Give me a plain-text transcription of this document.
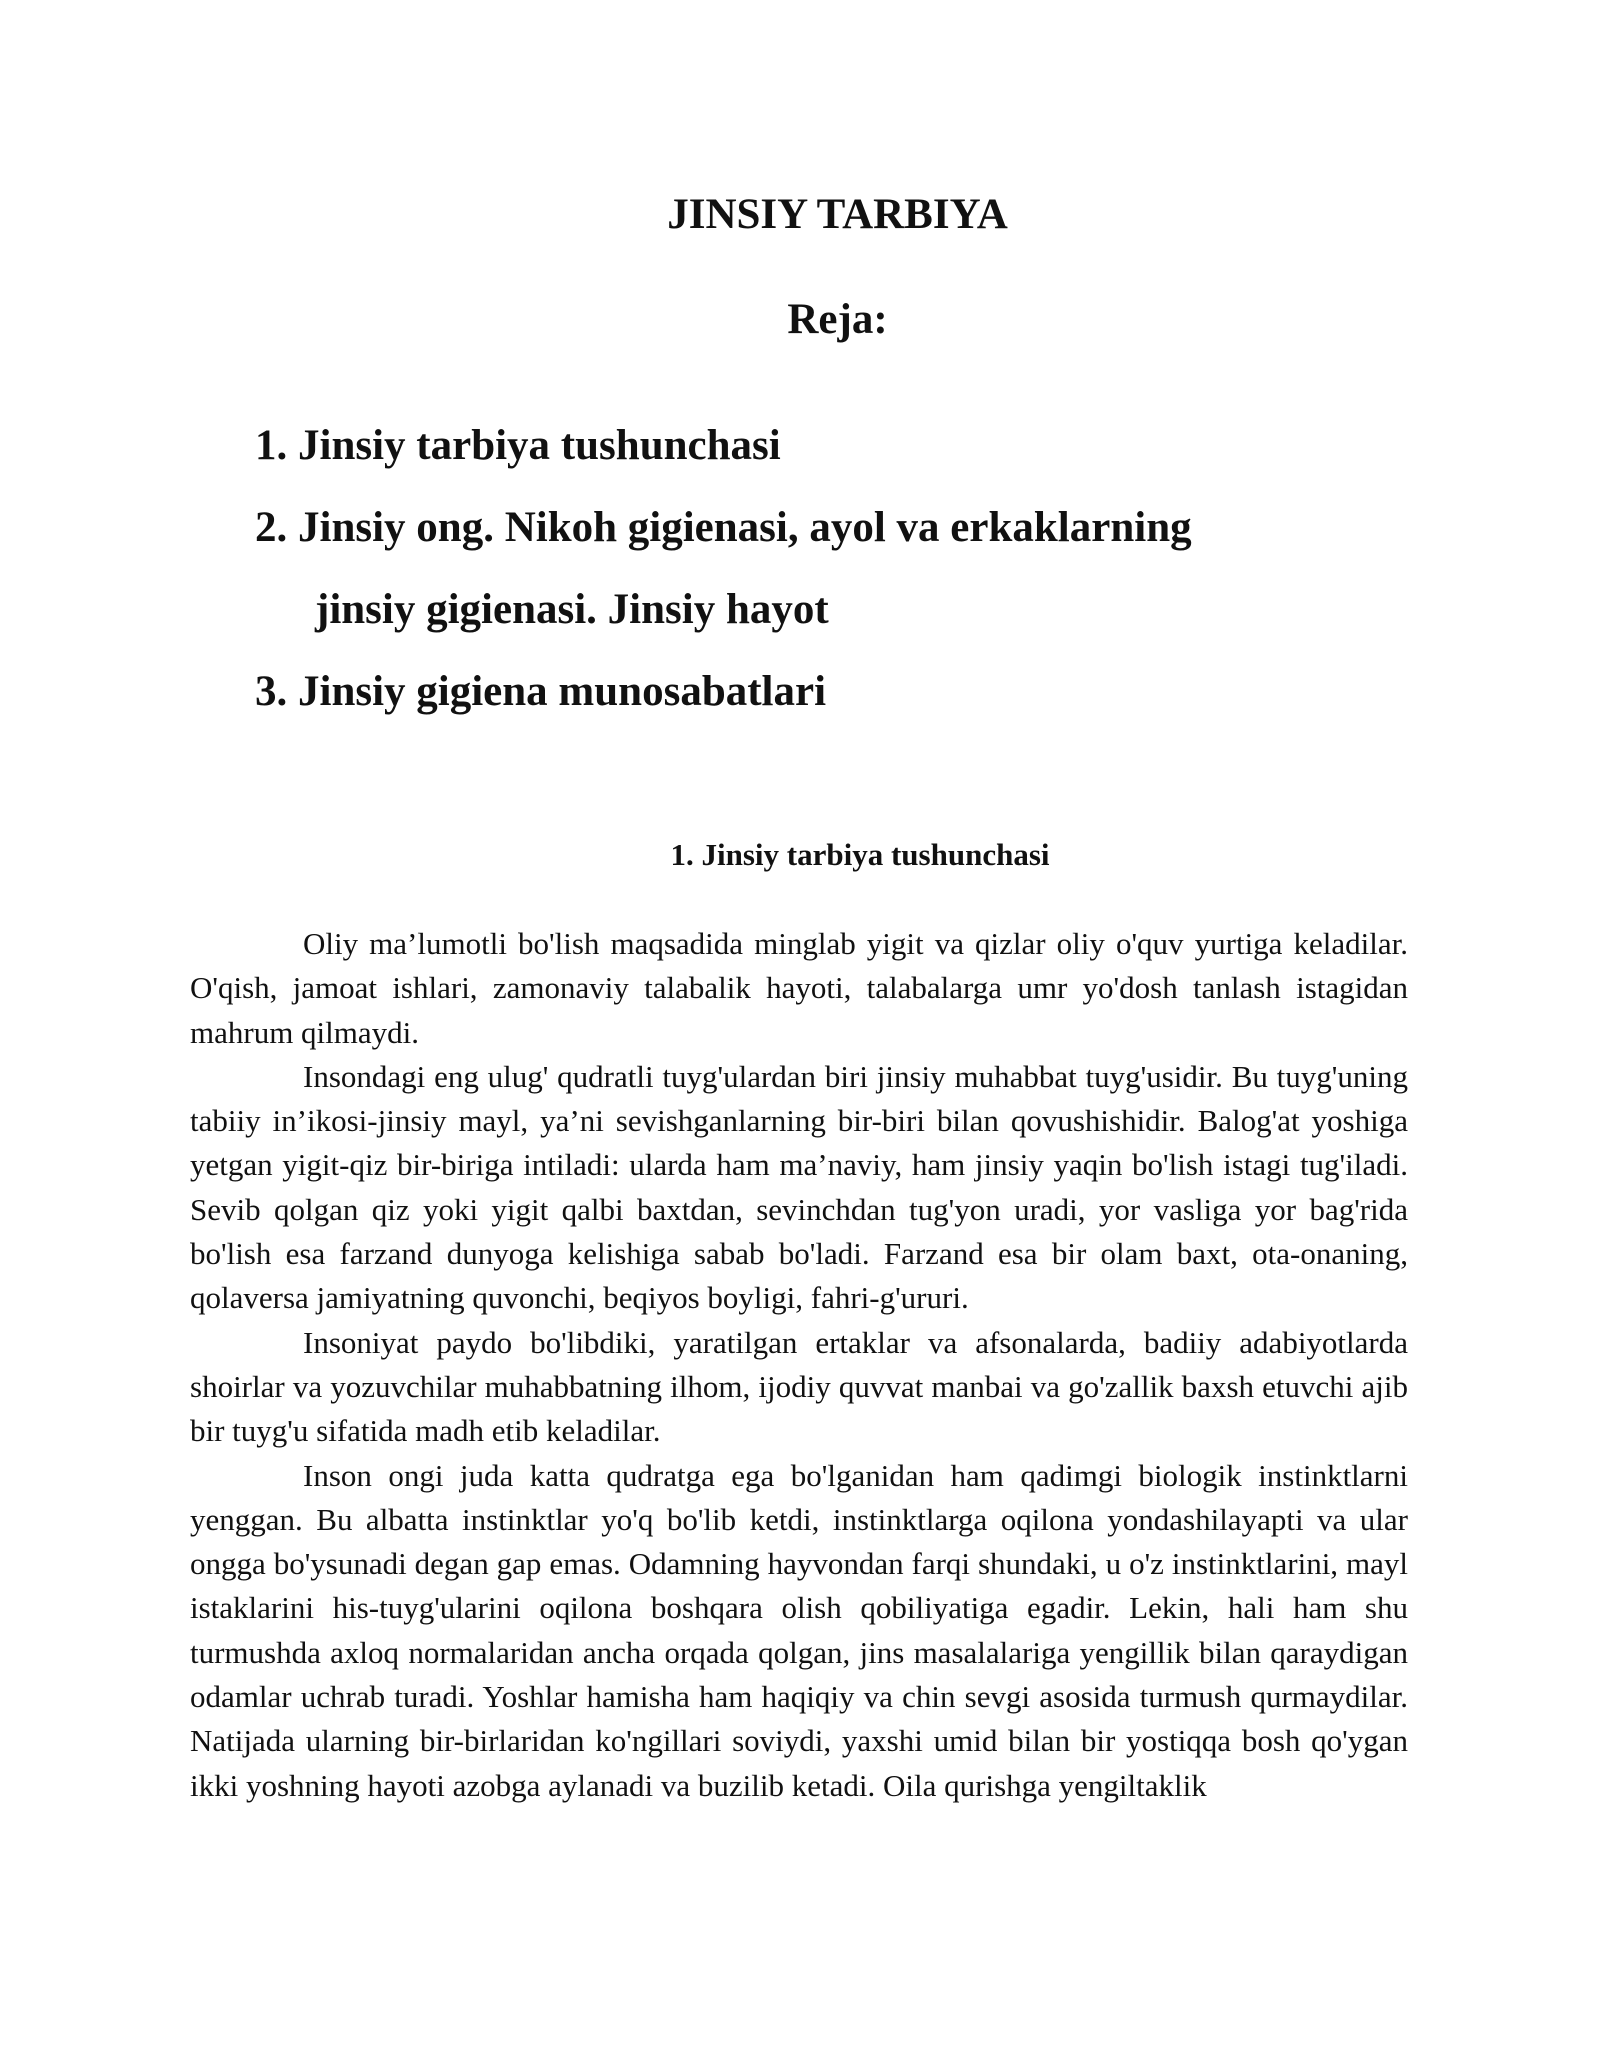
JINSIY TARBIYA
Reja:
1. Jinsiy tarbiya tushunchasi
2. Jinsiy ong. Nikoh gigienasi, ayol va erkaklarning
jinsiy gigienasi. Jinsiy hayot
3. Jinsiy gigiena munosabatlari
1. Jinsiy tarbiya tushunchasi

Oliy ma’lumotli bo'lish maqsadida minglab yigit va qizlar oliy o'quv yurtiga keladilar. O'qish, jamoat ishlari, zamonaviy talabalik hayoti, talabalarga umr yo'dosh tanlash istagidan mahrum qilmaydi.

Insondagi eng ulug' qudratli tuyg'ulardan biri jinsiy muhabbat tuyg'usidir. Bu tuyg'uning tabiiy in’ikosi-jinsiy mayl, ya’ni sevishganlarning bir-biri bilan qovushishidir. Balog'at yoshiga yetgan yigit-qiz bir-biriga intiladi: ularda ham ma’naviy, ham jinsiy yaqin bo'lish istagi tug'iladi. Sevib qolgan qiz yoki yigit qalbi baxtdan, sevinchdan tug'yon uradi, yor vasliga yor bag'rida bo'lish esa farzand dunyoga kelishiga sabab bo'ladi. Farzand esa bir olam baxt, ota-onaning, qolaversa jamiyatning quvonchi, beqiyos boyligi, fahri-g'ururi.

Insoniyat paydo bo'libdiki, yaratilgan ertaklar va afsonalarda, badiiy adabiyotlarda shoirlar va yozuvchilar muhabbatning ilhom, ijodiy quvvat manbai va go'zallik baxsh etuvchi ajib bir tuyg'u sifatida madh etib keladilar.

Inson ongi juda katta qudratga ega bo'lganidan ham qadimgi biologik instinktlarni yenggan. Bu albatta instinktlar yo'q bo'lib ketdi, instinktlarga oqilona yondashilayapti va ular ongga bo'ysunadi degan gap emas. Odamning hayvondan farqi shundaki, u o'z instinktlarini, mayl istaklarini his-tuyg'ularini oqilona boshqara olish qobiliyatiga egadir. Lekin, hali ham shu turmushda axloq normalaridan ancha orqada qolgan, jins masalalariga yengillik bilan qaraydigan odamlar uchrab turadi. Yoshlar hamisha ham haqiqiy va chin sevgi asosida turmush qurmaydilar. Natijada ularning bir-birlaridan ko'ngillari soviydi, yaxshi umid bilan bir yostiqqa bosh qo'ygan ikki yoshning hayoti azobga aylanadi va buzilib ketadi. Oila qurishga yengiltaklik
